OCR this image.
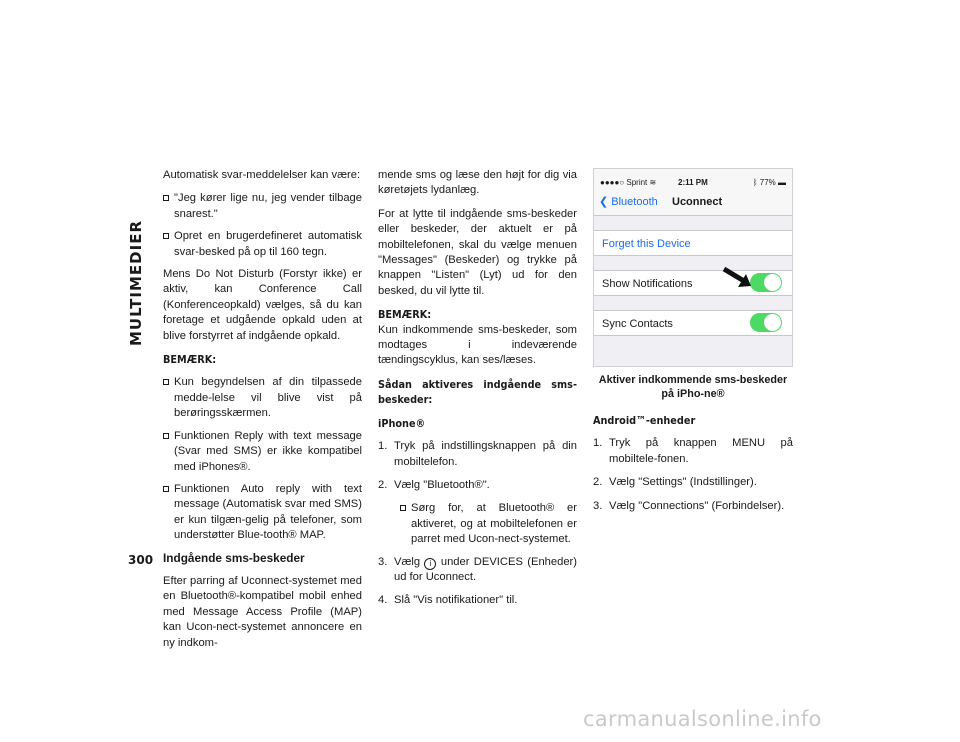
MULTIMEDIER
300

Automatisk svar-meddelelser kan være:

"Jeg kører lige nu, jeg vender tilbage snarest."

Opret en brugerdefineret automatisk svar-besked på op til 160 tegn.

Mens Do Not Disturb (Forstyr ikke) er aktiv, kan Conference Call (Konferenceopkald) vælges, så du kan foretage et udgående opkald uden at blive forstyrret af indgående opkald.

BEMÆRK:

Kun begyndelsen af din tilpassede medde-lelse vil blive vist på berøringsskærmen.

Funktionen Reply with text message (Svar med SMS) er ikke kompatibel med iPhones®.

Funktionen Auto reply with text message (Automatisk svar med SMS) er kun tilgæn-gelig på telefoner, som understøtter Blue-tooth® MAP.

Indgående sms-beskeder

Efter parring af Uconnect-systemet med en Bluetooth®-kompatibel mobil enhed med Message Access Profile (MAP) kan Ucon-nect-systemet annoncere en ny indkom-

mende sms og læse den højt for dig via køretøjets lydanlæg.

For at lytte til indgående sms-beskeder eller beskeder, der aktuelt er på mobiltelefonen, skal du vælge menuen "Messages" (Beskeder) og trykke på knappen "Listen" (Lyt) ud for den besked, du vil lytte til.

BEMÆRK:

Kun indkommende sms-beskeder, som modtages i indeværende tændingscyklus, kan ses/læses.

Sådan aktiveres indgående sms-beskeder:

iPhone®

1. Tryk på indstillingsknappen på din mobiltelefon.
2. Vælg "Bluetooth®".

Sørg for, at Bluetooth® er aktiveret, og at mobiltelefonen er parret med Ucon-nect-systemet.

3. Vælg i under DEVICES (Enheder) ud for Uconnect.
4. Slå "Vis notifikationer" til.
●●●●○ Sprint ≋	2:11 PM	ᛒ 77% ▬
❮ Bluetooth Uconnect
Forget this Device
Show Notifications
Sync Contacts
Aktiver indkommende sms-beskeder på iPho-ne®

Android™-enheder

1. Tryk på knappen MENU på mobiltele-fonen.
2. Vælg "Settings" (Indstillinger).
3. Vælg "Connections" (Forbindelser).
carmanualsonline.info
